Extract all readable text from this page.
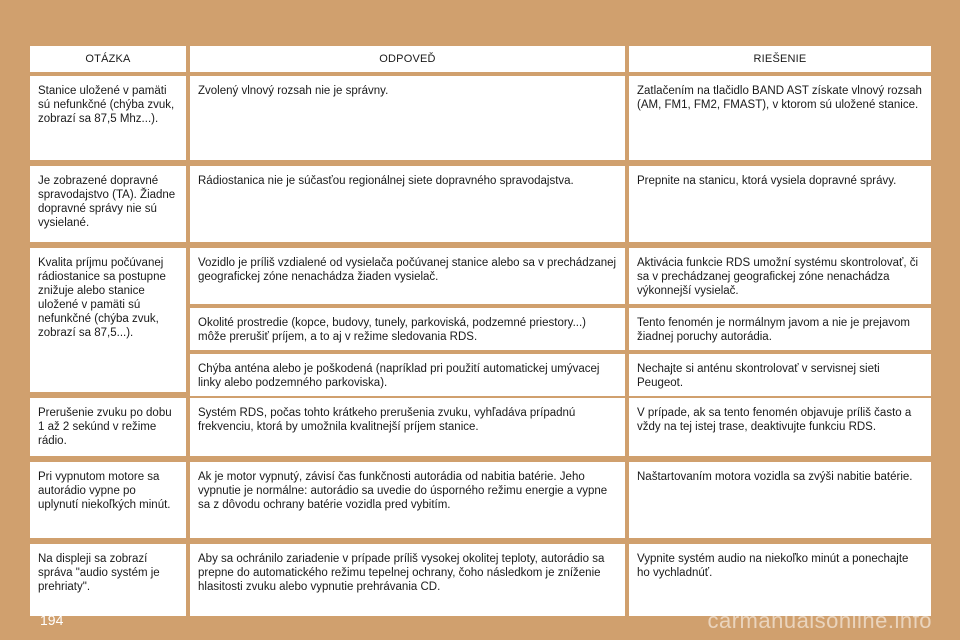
OTÁZKA	ODPOVEĎ	RIEŠENIE
Stanice uložené v pamäti sú nefunkčné (chýba zvuk, zobrazí sa 87,5 Mhz...).
Zvolený vlnový rozsah nie je správny.	Zatlačením na tlačidlo BAND AST získate vlnový rozsah (AM, FM1, FM2, FMAST), v ktorom sú uložené stanice.
Je zobrazené dopravné spravodajstvo (TA). Žiadne dopravné správy nie sú vysielané.
Rádiostanica nie je súčasťou regionálnej siete dopravného spravodajstva.	Prepnite na stanicu, ktorá vysiela dopravné správy.
Kvalita príjmu počúvanej rádiostanice sa postupne znižuje alebo stanice uložené v pamäti sú nefunkčné (chýba zvuk, zobrazí sa 87,5...).
Vozidlo je príliš vzdialené od vysielača počúvanej stanice alebo sa v prechádzanej geografickej zóne nenachádza žiaden vysielač.
Aktivácia funkcie RDS umožní systému skontrolovať, či sa v prechádzanej geografickej zóne nenachádza výkonnejší vysielač.
Okolité prostredie (kopce, budovy, tunely, parkoviská, podzemné priestory...) môže prerušiť príjem, a to aj v režime sledovania RDS.
Tento fenomén je normálnym javom a nie je prejavom žiadnej poruchy autorádia.
Chýba anténa alebo je poškodená (napríklad pri použití automatickej umývacej linky alebo podzemného parkoviska).
Nechajte si anténu skontrolovať v servisnej sieti Peugeot.
Prerušenie zvuku po dobu 1 až 2 sekúnd v režime rádio.
Systém RDS, počas tohto krátkeho prerušenia zvuku, vyhľadáva prípadnú frekvenciu, ktorá by umožnila kvalitnejší príjem stanice.
V prípade, ak sa tento fenomén objavuje príliš často a vždy na tej istej trase, deaktivujte funkciu RDS.
Pri vypnutom motore sa autorádio vypne po uplynutí niekoľkých minút.
Ak je motor vypnutý, závisí čas funkčnosti autorádia od nabitia batérie. Jeho vypnutie je normálne: autorádio sa uvedie do úsporného režimu energie a vypne sa z dôvodu ochrany batérie vozidla pred vybitím.
Naštartovaním motora vozidla sa zvýši nabitie batérie.
Na displeji sa zobrazí správa "audio systém je prehriaty".
Aby sa ochránilo zariadenie v prípade príliš vysokej okolitej teploty, autorádio sa prepne do automatického režimu tepelnej ochrany, čoho následkom je zníženie hlasitosti zvuku alebo vypnutie prehrávania CD.
Vypnite systém audio na niekoľko minút a ponechajte ho vychladnúť.
194	carmanualsonline.info
